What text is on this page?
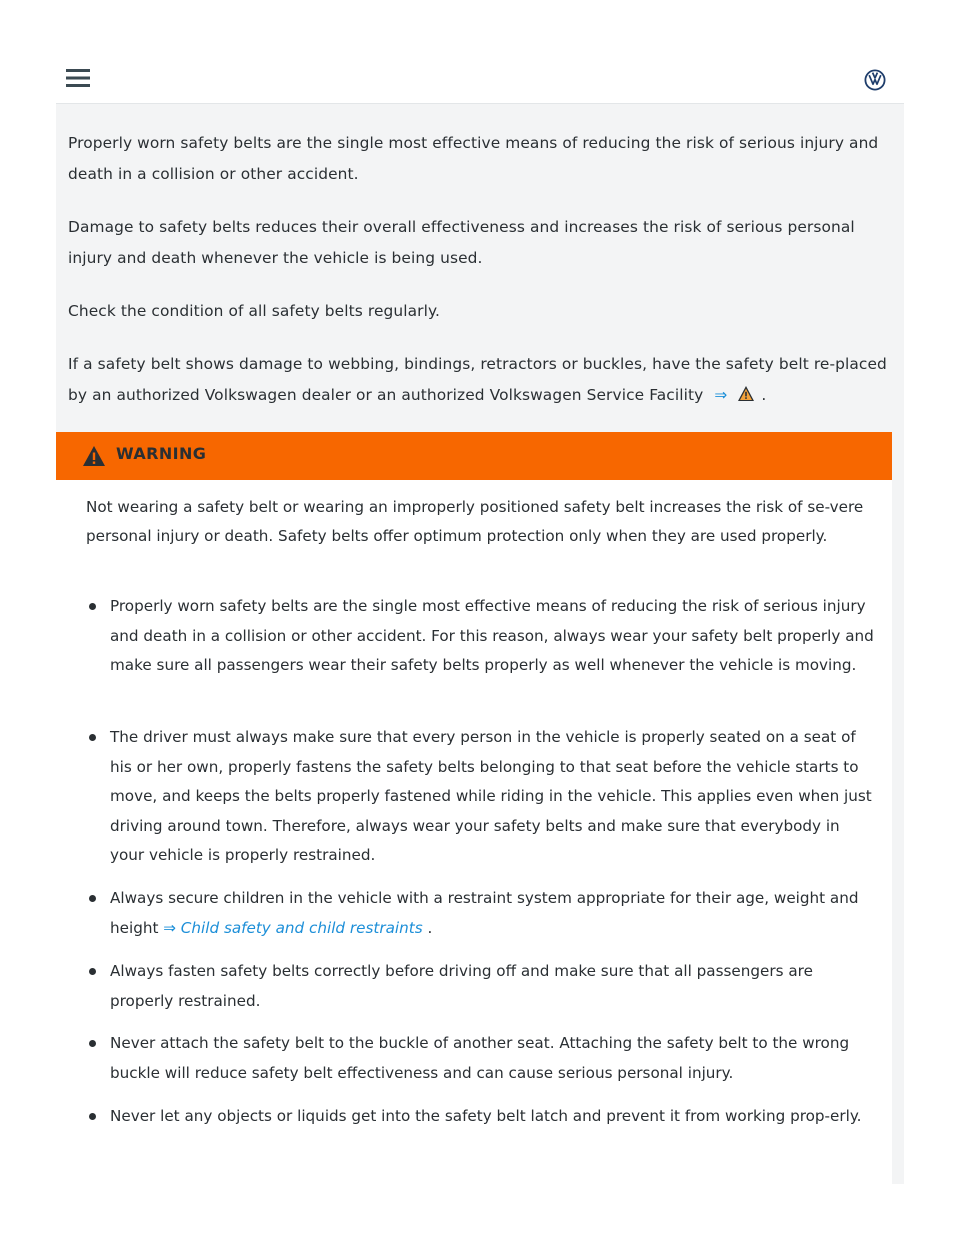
Properly worn safety belts are the single most effective means of reducing the risk of serious injury and death in a collision or other accident.

Damage to safety belts reduces their overall effectiveness and increases the risk of serious personal injury and death whenever the vehicle is being used.

Check the condition of all safety belts regularly.

If a safety belt shows damage to webbing, bindings, retractors or buckles, have the safety belt re-placed by an authorized Volkswagen dealer or an authorized Volkswagen Service Facility ⇒ .

WARNING

Not wearing a safety belt or wearing an improperly positioned safety belt increases the risk of se-vere personal injury or death. Safety belts offer optimum protection only when they are used properly.

Properly worn safety belts are the single most effective means of reducing the risk of serious injury and death in a collision or other accident. For this reason, always wear your safety belt properly and make sure all passengers wear their safety belts properly as well whenever the vehicle is moving.
The driver must always make sure that every person in the vehicle is properly seated on a seat of his or her own, properly fastens the safety belts belonging to that seat before the vehicle starts to move, and keeps the belts properly fastened while riding in the vehicle. This applies even when just driving around town. Therefore, always wear your safety belts and make sure that everybody in your vehicle is properly restrained.
Always secure children in the vehicle with a restraint system appropriate for their age, weight and height ⇒ Child safety and child restraints .
Always fasten safety belts correctly before driving off and make sure that all passengers are properly restrained.
Never attach the safety belt to the buckle of another seat. Attaching the safety belt to the wrong buckle will reduce safety belt effectiveness and can cause serious personal injury.
Never let any objects or liquids get into the safety belt latch and prevent it from working prop-erly.
